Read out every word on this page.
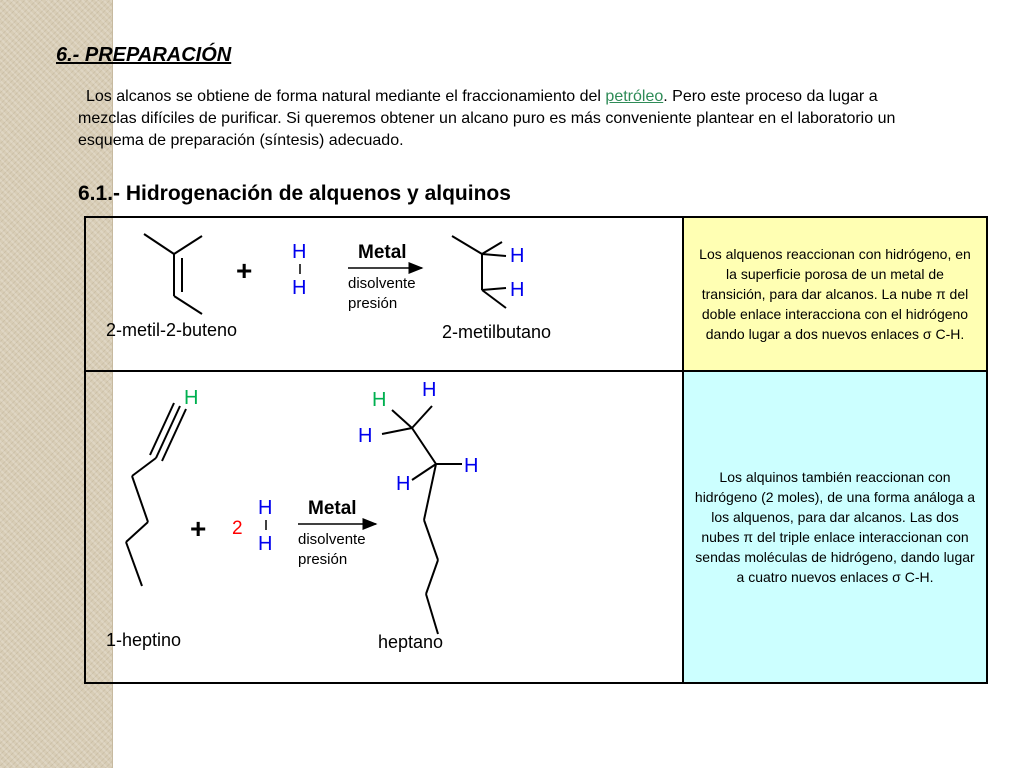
6.- PREPARACIÓN

Los alcanos se obtiene de forma natural mediante el fraccionamiento del petróleo. Pero este proceso da lugar a mezclas difíciles de purificar. Si queremos obtener un alcano puro es más conveniente plantear en el laboratorio un esquema de preparación (síntesis) adecuado.

6.1.- Hidrogenación de alquenos y alquinos
+
H
H
Metal
disolvente
presión
H
H
2-metil-2-buteno	2-metilbutano
Los alquenos reaccionan con hidrógeno, en la superficie porosa de un metal de transición, para dar alcanos. La nube π del doble enlace interacciona con el hidrógeno dando lugar a dos nuevos enlaces σ C-H.
H
+ 2
H
H
Metal
disolvente
presión
H H
H
H
H
1-heptino	heptano
Los alquinos también reaccionan con hidrógeno (2 moles), de una forma análoga a los alquenos, para dar alcanos. Las dos nubes π del triple enlace interaccionan con sendas moléculas de hidrógeno, dando lugar a cuatro nuevos enlaces σ C-H.
